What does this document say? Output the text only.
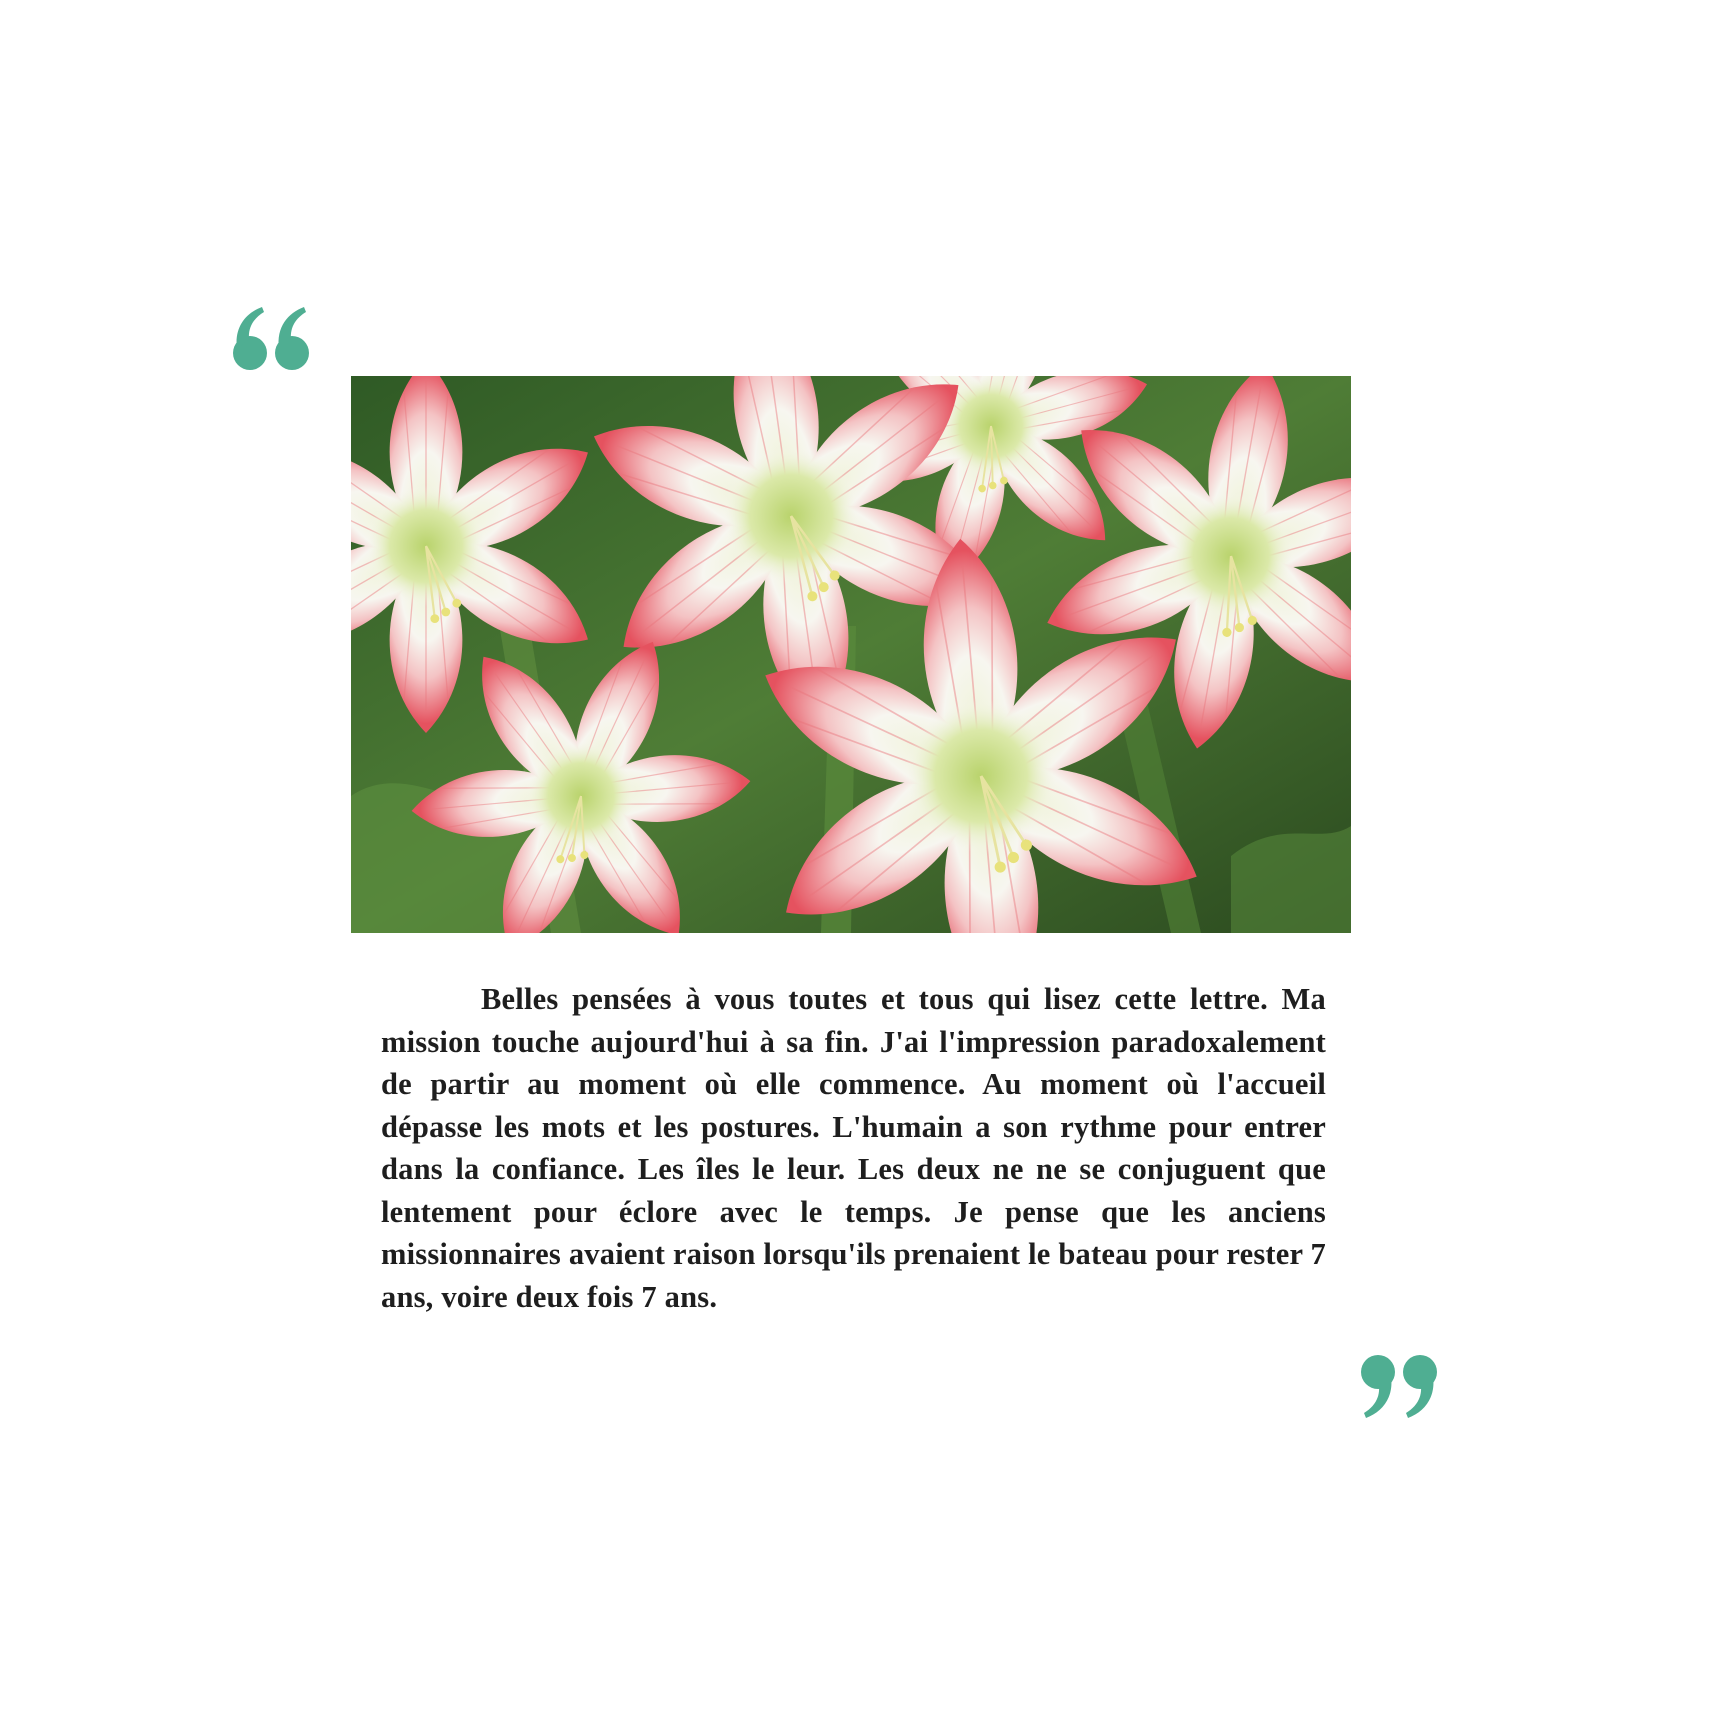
Belles pensées à vous toutes et tous qui lisez cette lettre. Ma mission touche aujourd'hui à sa fin. J'ai l'impression paradoxalement de partir au moment où elle commence. Au moment où l'accueil dépasse les mots et les postures. L'humain a son rythme pour entrer dans la confiance. Les îles le leur. Les deux ne ne se conjuguent que lentement pour éclore avec le temps. Je pense que les anciens missionnaires avaient raison lorsqu'ils prenaient le bateau pour rester 7 ans, voire deux fois 7 ans.
